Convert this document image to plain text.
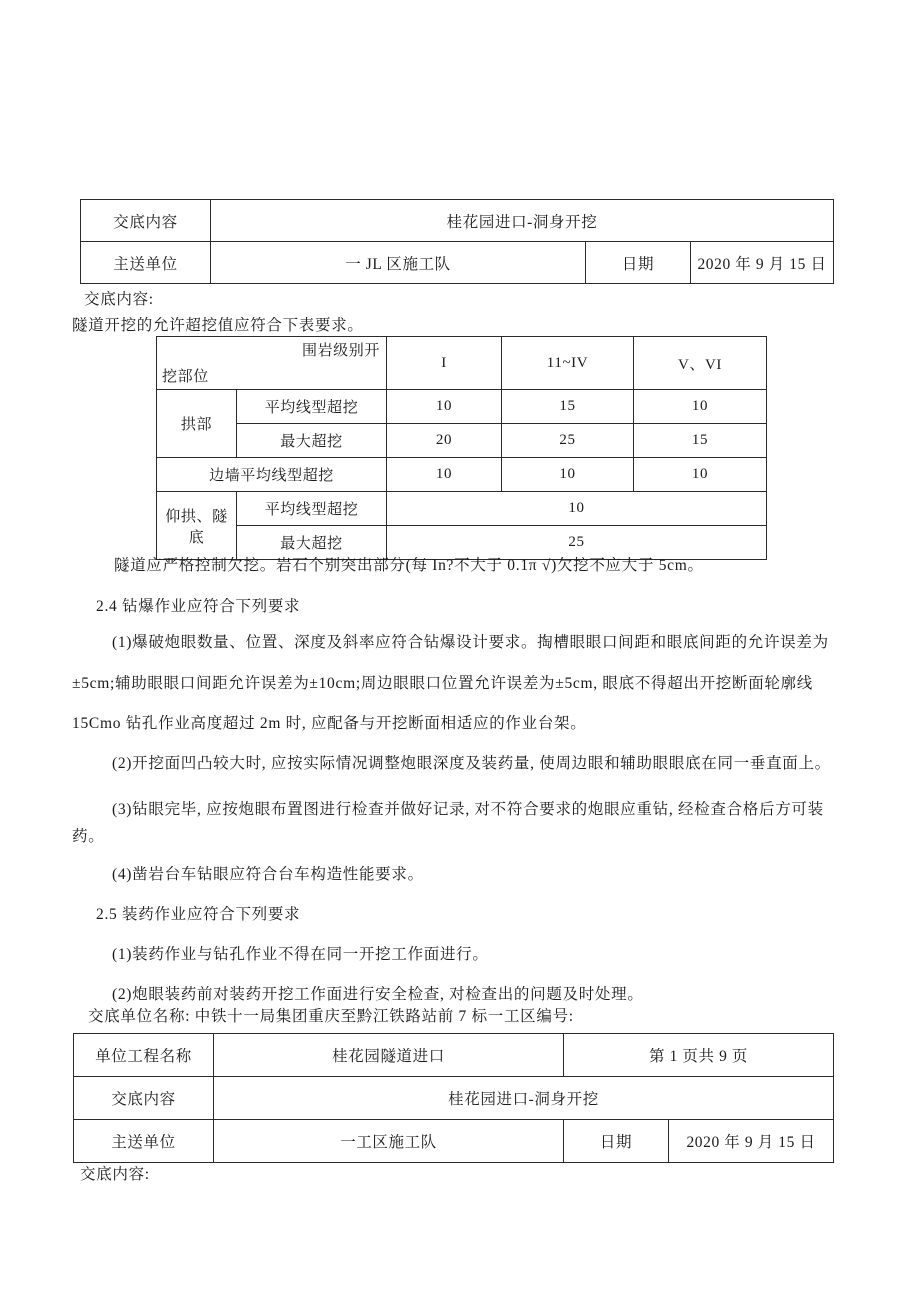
交底内容	桂花园进口-洞身开挖		
主送单位	一 JL 区施工队	日期	2020 年 9 月 15 日
交底内容:
隧道开挖的允许超挖值应符合下表要求。
围岩级别开
挖部位		I	11~IV	V、VI
拱部	平均线型超挖	10	15	10
	最大超挖	20	25	15
边墙平均线型超挖		10	10	10
仰拱、隧底	平均线型超挖	10		
	最大超挖	25		
隧道应严格控制欠挖。岩石个别突出部分(每 In?不大于 0.1π √)欠挖不应大于 5cm。
2.4 钻爆作业应符合下列要求
(1)爆破炮眼数量、位置、深度及斜率应符合钻爆设计要求。掏槽眼眼口间距和眼底间距的允许误差为
±5cm;辅助眼眼口间距允许误差为±10cm;周边眼眼口位置允许误差为±5cm, 眼底不得超出开挖断面轮廓线
15Cmo 钻孔作业高度超过 2m 时, 应配备与开挖断面相适应的作业台架。
(2)开挖面凹凸较大时, 应按实际情况调整炮眼深度及装药量, 使周边眼和辅助眼眼底在同一垂直面上。
(3)钻眼完毕, 应按炮眼布置图进行检查并做好记录, 对不符合要求的炮眼应重钻, 经检查合格后方可装
药。
(4)凿岩台车钻眼应符合台车构造性能要求。
2.5 装药作业应符合下列要求
(1)装药作业与钻孔作业不得在同一开挖工作面进行。
(2)炮眼装药前对装药开挖工作面进行安全检查, 对检查出的问题及时处理。
交底单位名称: 中铁十一局集团重庆至黔江铁路站前 7 标一工区编号:
单位工程名称	桂花园隧道进口	第 1 页共 9 页	
交底内容	桂花园进口-洞身开挖		
主送单位	一工区施工队	日期	2020 年 9 月 15 日
交底内容:
